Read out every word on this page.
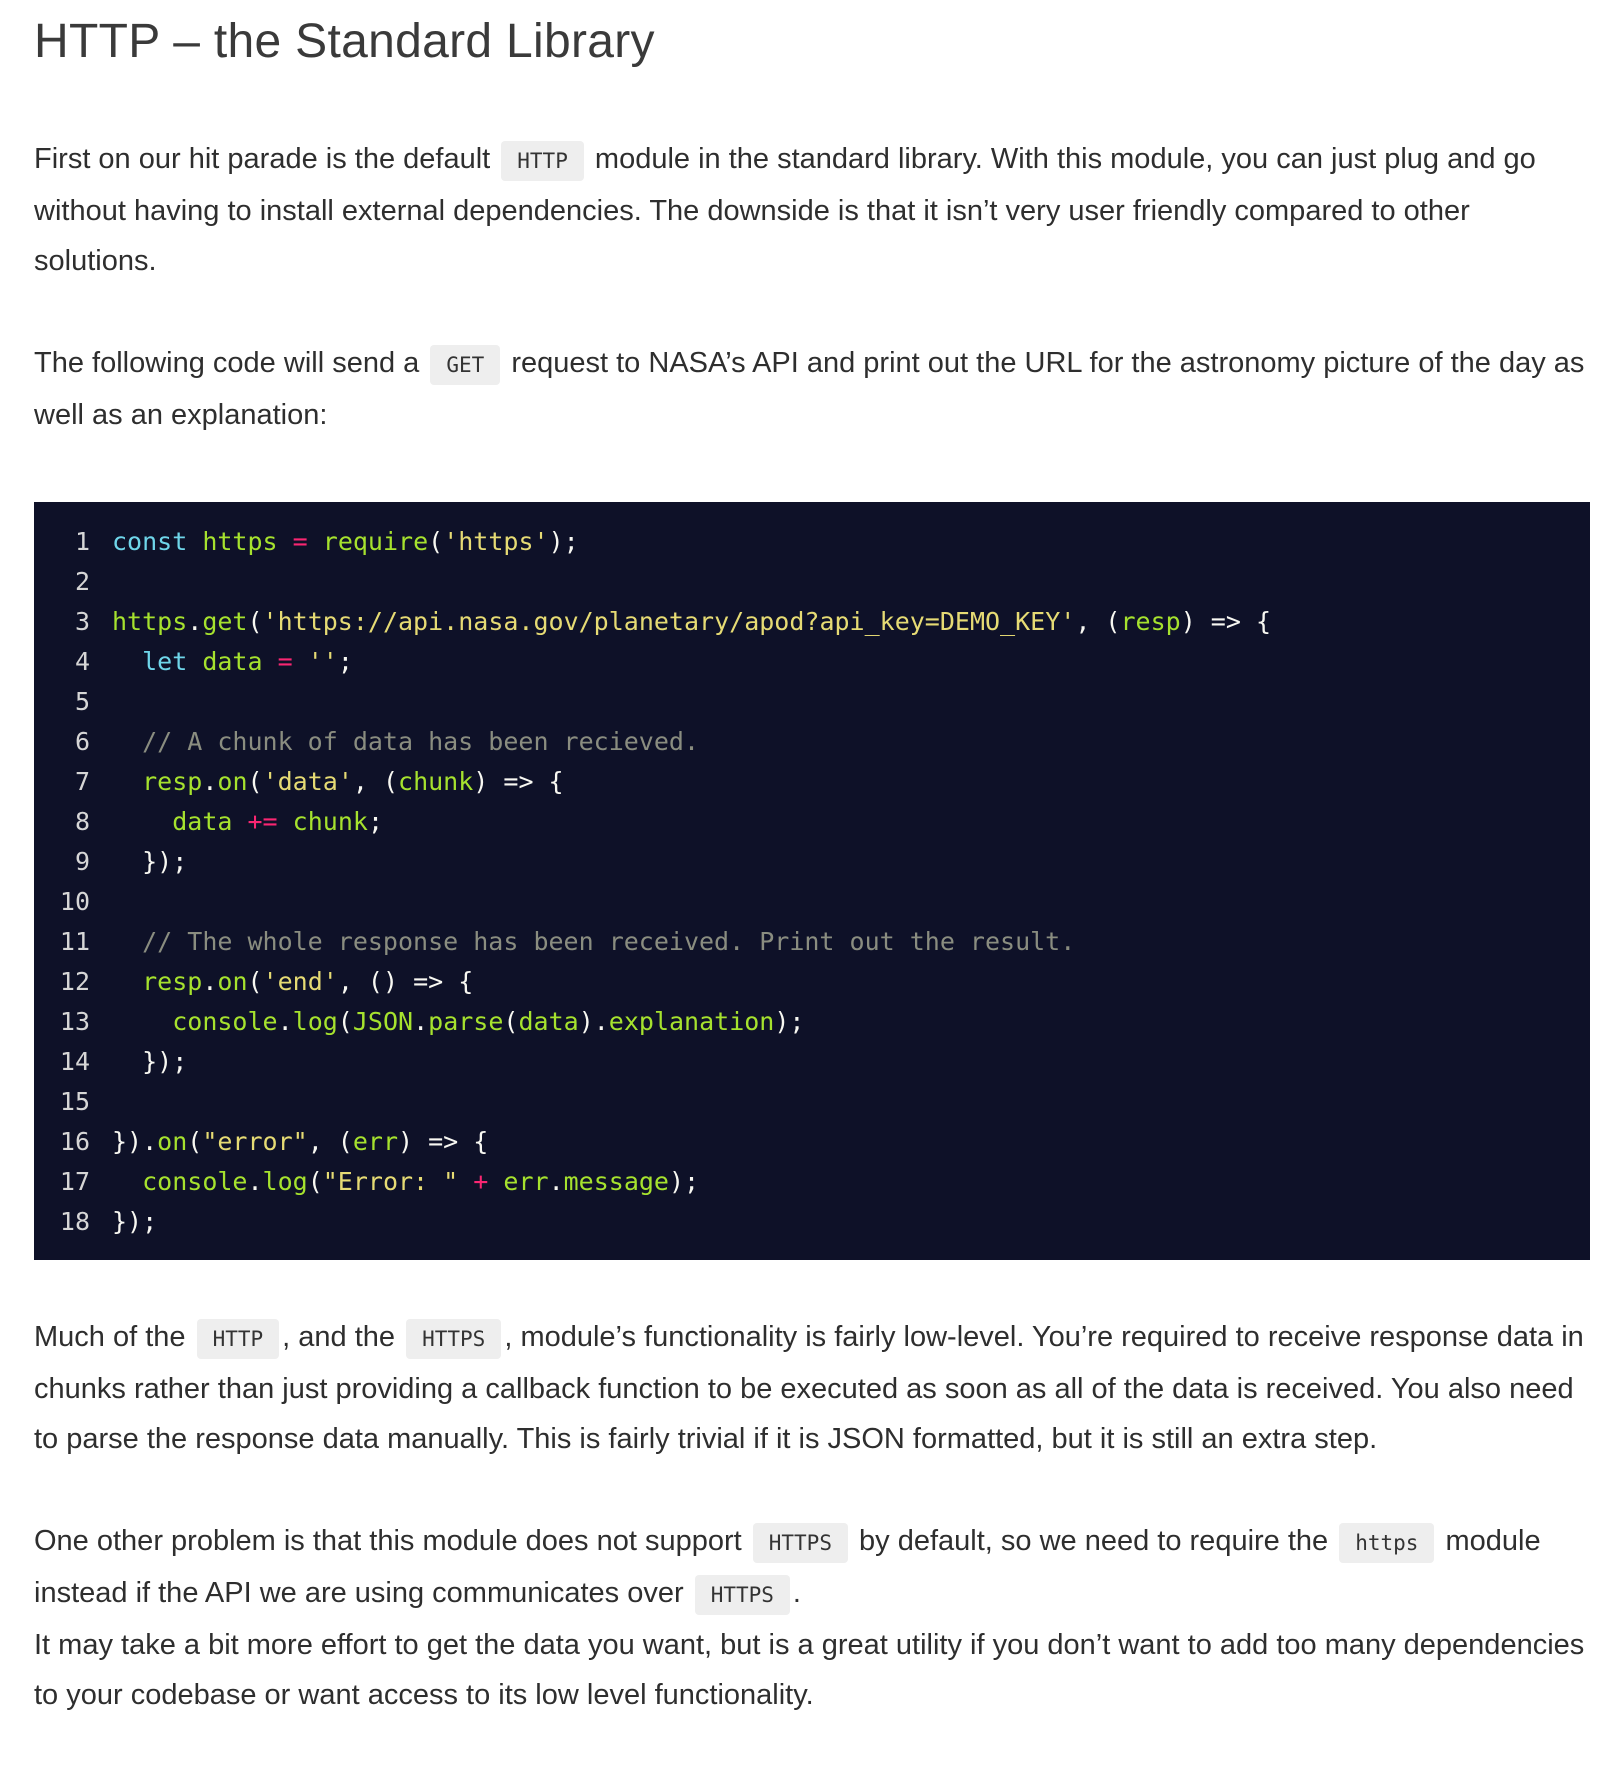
HTTP – the Standard Library

First on our hit parade is the default HTTP module in the standard library. With this module, you can just plug and go without having to install external dependencies. The downside is that it isn’t very user friendly compared to other solutions.

The following code will send a GET request to NASA’s API and print out the URL for the astronomy picture of the day as well as an explanation:

1 const https = require('https');
2
3 https.get('https://api.nasa.gov/planetary/apod?api_key=DEMO_KEY', (resp) => {
4	let data = '';
5
6	// A chunk of data has been recieved.
7	resp.on('data', (chunk) => {
8	data += chunk;
9 });
10
11	// The whole response has been received. Print out the result.
12	resp.on('end', () => {
13	console.log(JSON.parse(data).explanation);
14 });
15
16 }).on("error", (err) => {
17	console.log("Error: " + err.message);
18 });

Much of the HTTP , and the HTTPS , module’s functionality is fairly low-level. You’re required to receive response data in chunks rather than just providing a callback function to be executed as soon as all of the data is received. You also need to parse the response data manually. This is fairly trivial if it is JSON formatted, but it is still an extra step.

One other problem is that this module does not support HTTPS by default, so we need to require the https module instead if the API we are using communicates over HTTPS .

It may take a bit more effort to get the data you want, but is a great utility if you don’t want to add too many dependencies to your codebase or want access to its low level functionality.
